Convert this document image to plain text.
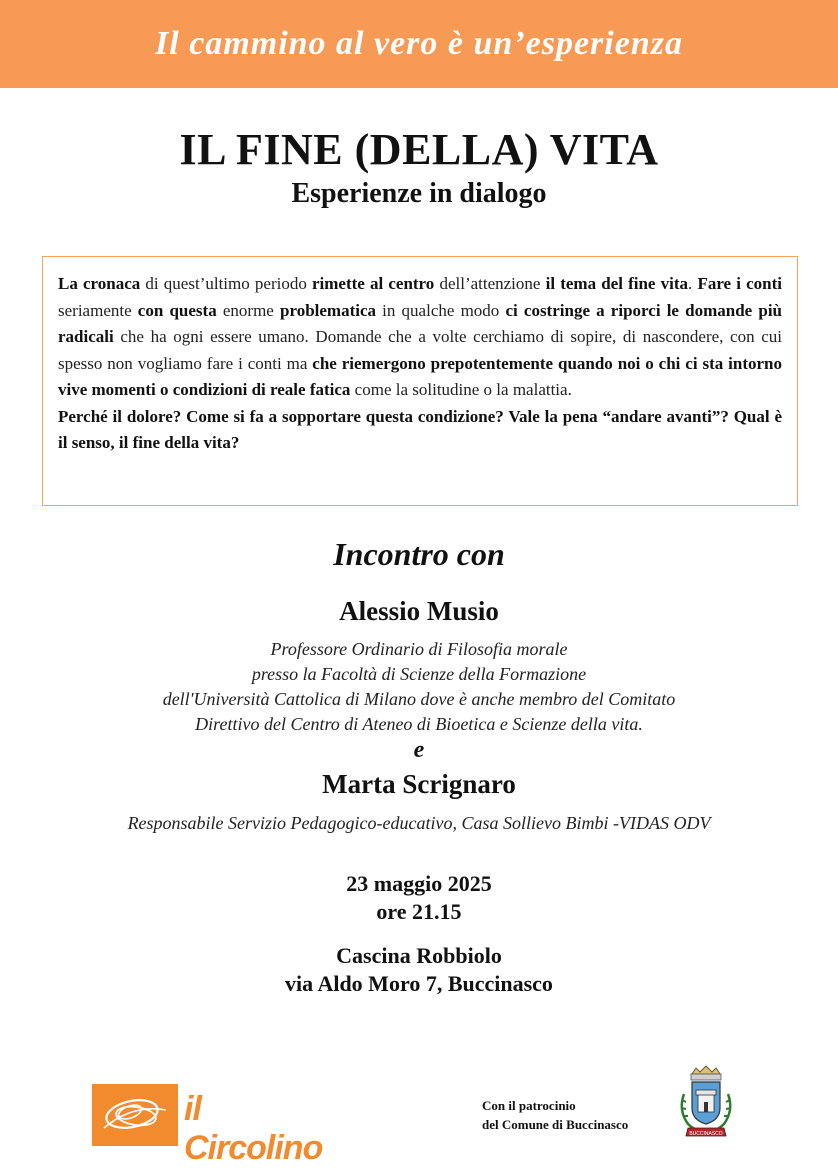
Il cammino al vero è un’esperienza
IL FINE (DELLA) VITA
Esperienze in dialogo
La cronaca di quest’ultimo periodo rimette al centro dell’attenzione il tema del fine vita. Fare i conti seriamente con questa enorme problematica in qualche modo ci costringe a riporci le domande più radicali che ha ogni essere umano. Domande che a volte cerchiamo di sopire, di nascondere, con cui spesso non vogliamo fare i conti ma che riemergono prepotentemente quando noi o chi ci sta intorno vive momenti o condizioni di reale fatica come la solitudine o la malattia.
Perché il dolore? Come si fa a sopportare questa condizione? Vale la pena “andare avanti”? Qual è il senso, il fine della vita?
Incontro con
Alessio Musio
Professore Ordinario di Filosofia morale
presso la Facoltà di Scienze della Formazione
dell'Università Cattolica di Milano dove è anche membro del Comitato
Direttivo del Centro di Ateneo di Bioetica e Scienze della vita.
e
Marta Scrignaro
Responsabile Servizio Pedagogico-educativo, Casa Sollievo Bimbi -VIDAS ODV
23 maggio 2025
ore 21.15
Cascina Robbiolo
via Aldo Moro 7, Buccinasco
il Circolino
Con il patrocinio
del Comune di Buccinasco
BUCCINASCO
